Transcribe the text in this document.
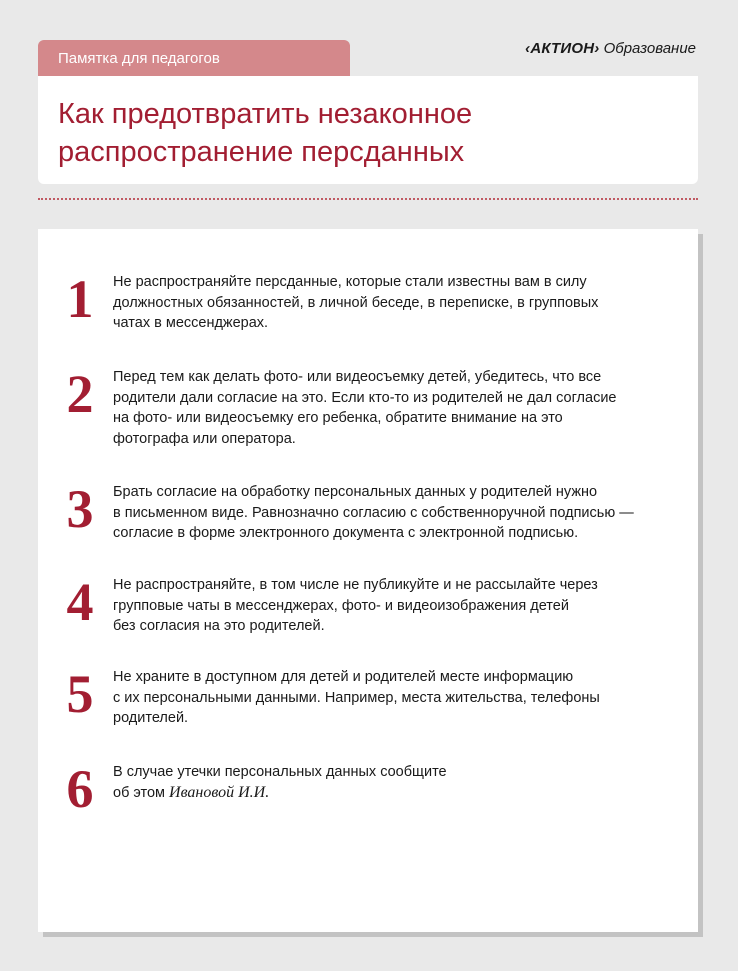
Памятка для педагогов
‹АКТИОН› Образование
Как предотвратить незаконное
распространение персданных
1	Не распространяйте персданные, которые стали известны вам в силу
должностных обязанностей, в личной беседе, в переписке, в групповых
чатах в мессенджерах.

2	Перед тем как делать фото- или видеосъемку детей, убедитесь, что все
родители дали согласие на это. Если кто-то из родителей не дал согласие
на фото- или видеосъемку его ребенка, обратите внимание на это
фотографа или оператора.

3	Брать согласие на обработку персональных данных у родителей нужно
в письменном виде. Равнозначно согласию с собственноручной подписью —
согласие в форме электронного документа с электронной подписью.

4	Не распространяйте, в том числе не публикуйте и не рассылайте через
групповые чаты в мессенджерах, фото- и видеоизображения детей
без согласия на это родителей.

5	Не храните в доступном для детей и родителей месте информацию
с их персональными данными. Например, места жительства, телефоны
родителей.

6	В случае утечки персональных данных сообщите
об этом Ивановой И.И.
